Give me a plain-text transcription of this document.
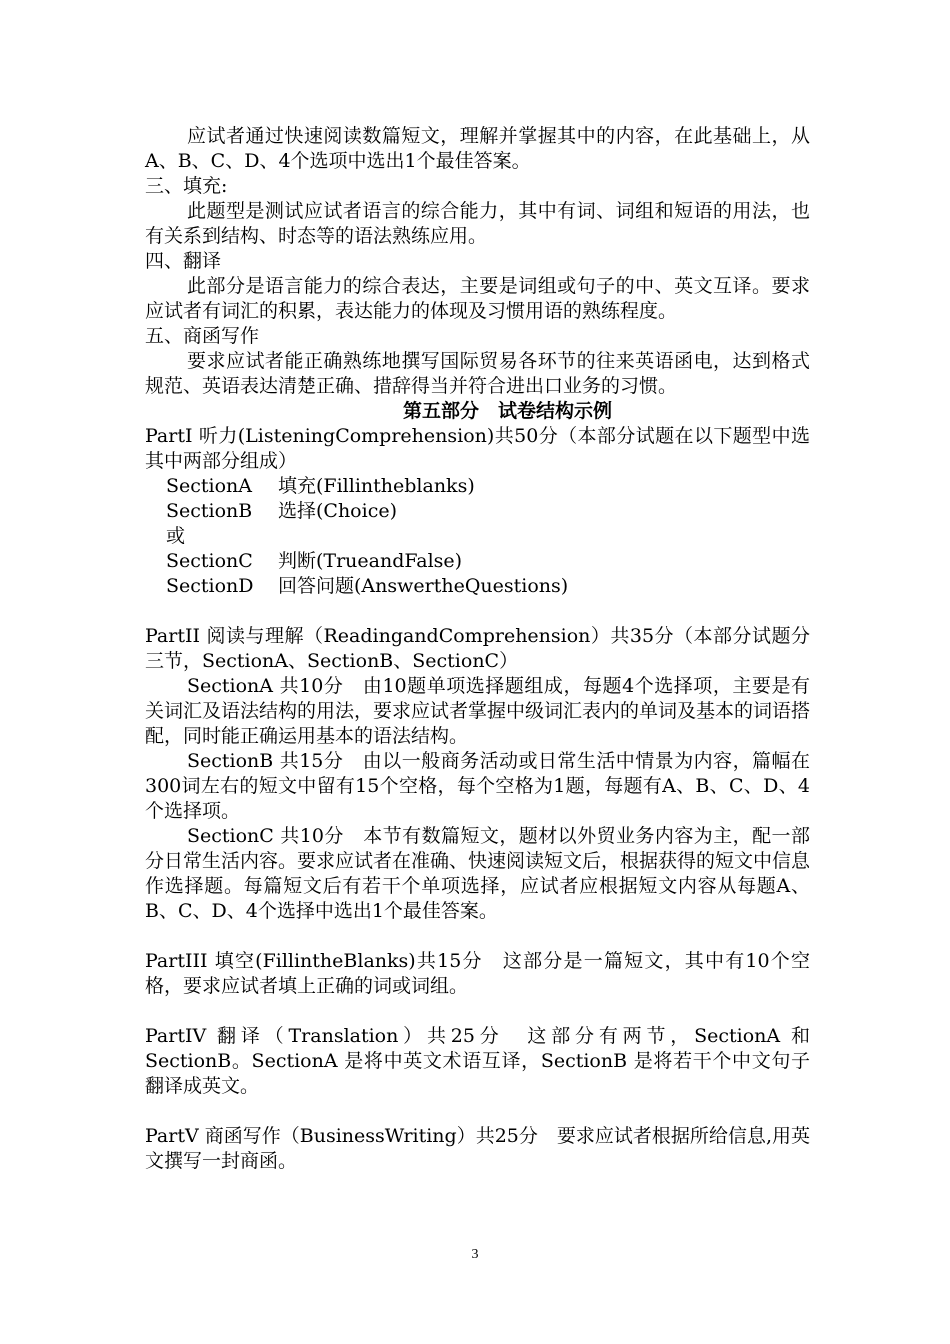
应试者通过快速阅读数篇短文，理解并掌握其中的内容，在此基础上，从A、B、C、D、4个选项中选出1个最佳答案。

三、填充:

此题型是测试应试者语言的综合能力，其中有词、词组和短语的用法，也有关系到结构、时态等的语法熟练应用。

四、翻译

此部分是语言能力的综合表达，主要是词组或句子的中、英文互译。要求应试者有词汇的积累，表达能力的体现及习惯用语的熟练程度。

五、商函写作

要求应试者能正确熟练地撰写国际贸易各环节的往来英语函电，达到格式规范、英语表达清楚正确、措辞得当并符合进出口业务的习惯。

第五部分　试卷结构示例

PartI 听力(ListeningComprehension)共50分（本部分试题在以下题型中选其中两部分组成）

SectionA 填充(Fillintheblanks)

SectionB 选择(Choice)

或

SectionC 判断(TrueandFalse)

SectionD 回答问题(AnswertheQuestions)

PartII 阅读与理解（ReadingandComprehension）共35分（本部分试题分三节，SectionA、SectionB、SectionC）

SectionA 共10分　由10题单项选择题组成，每题4个选择项，主要是有关词汇及语法结构的用法，要求应试者掌握中级词汇表内的单词及基本的词语搭配，同时能正确运用基本的语法结构。

SectionB 共15分　由以一般商务活动或日常生活中情景为内容，篇幅在300词左右的短文中留有15个空格，每个空格为1题，每题有A、B、C、D、4个选择项。

SectionC 共10分　本节有数篇短文，题材以外贸业务内容为主，配一部分日常生活内容。要求应试者在准确、快速阅读短文后，根据获得的短文中信息作选择题。每篇短文后有若干个单项选择，应试者应根据短文内容从每题A、B、C、D、4个选择中选出1个最佳答案。

PartIII 填空(FillintheBlanks)共15分　这部分是一篇短文，其中有10个空格，要求应试者填上正确的词或词组。

PartIV 翻译（Translation）共25分　这部分有两节，SectionA 和SectionB。SectionA 是将中英文术语互译，SectionB 是将若干个中文句子翻译成英文。

PartV 商函写作（BusinessWriting）共25分　要求应试者根据所给信息,用英文撰写一封商函。

3
